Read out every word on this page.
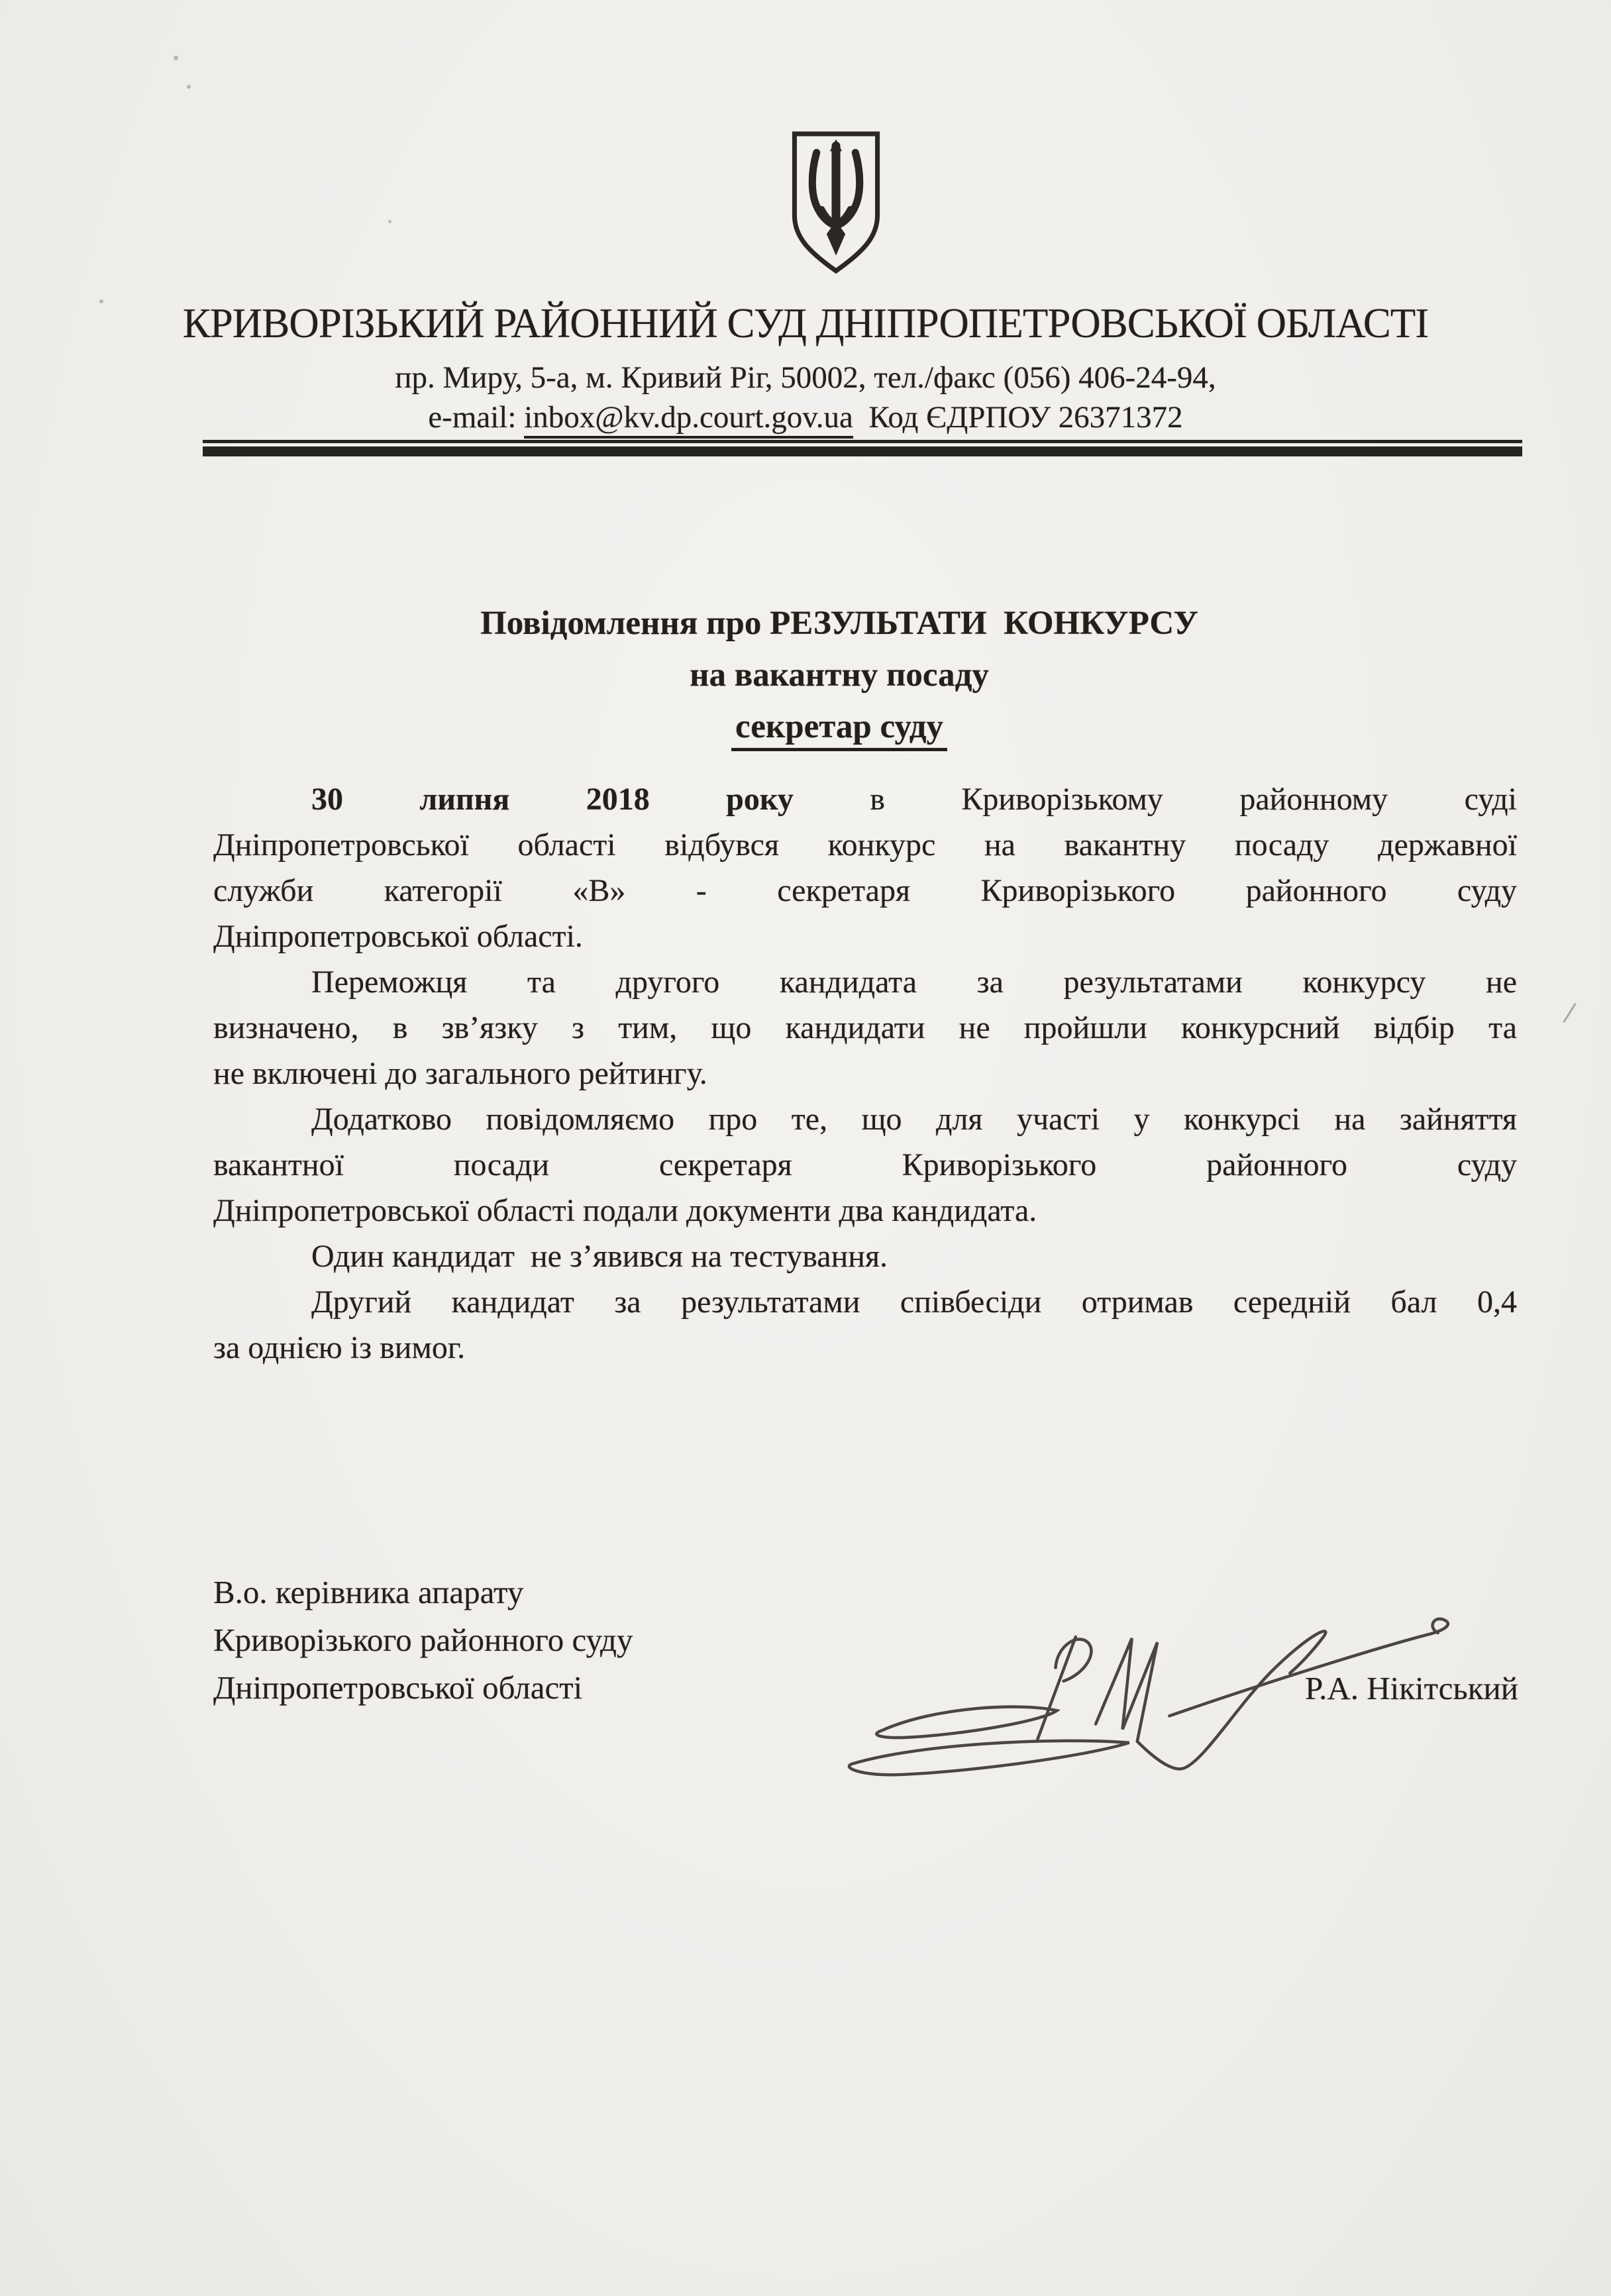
КРИВОРІЗЬКИЙ РАЙОННИЙ СУД ДНІПРОПЕТРОВСЬКОЇ ОБЛАСТІ
пр. Миру, 5-а, м. Кривий Ріг, 50002, тел./факс (056) 406-24-94,
e-mail: inbox@kv.dp.court.gov.ua  Код ЄДРПОУ 26371372
Повідомлення про РЕЗУЛЬТАТИ  КОНКУРСУ
на вакантну посаду
секретар суду
30 липня 2018 року в Криворізькому районному суді
Дніпропетровської області відбувся конкурс на вакантну посаду державної
служби категорії «В» - секретаря Криворізького районного суду
Дніпропетровської області.
Переможця та другого кандидата за результатами конкурсу не
визначено, в зв’язку з тим, що кандидати не пройшли конкурсний відбір та
не включені до загального рейтингу.
Додатково повідомляємо про те, що для участі у конкурсі на зайняття
вакантної посади секретаря Криворізького районного суду
Дніпропетровської області подали документи два кандидата.
Один кандидат  не з’явився на тестування.
Другий кандидат за результатами співбесіди отримав середній бал 0,4
за однією із вимог.
В.о. керівника апарату
Криворізького районного суду
Дніпропетровської області	Р.А. Нікітський
